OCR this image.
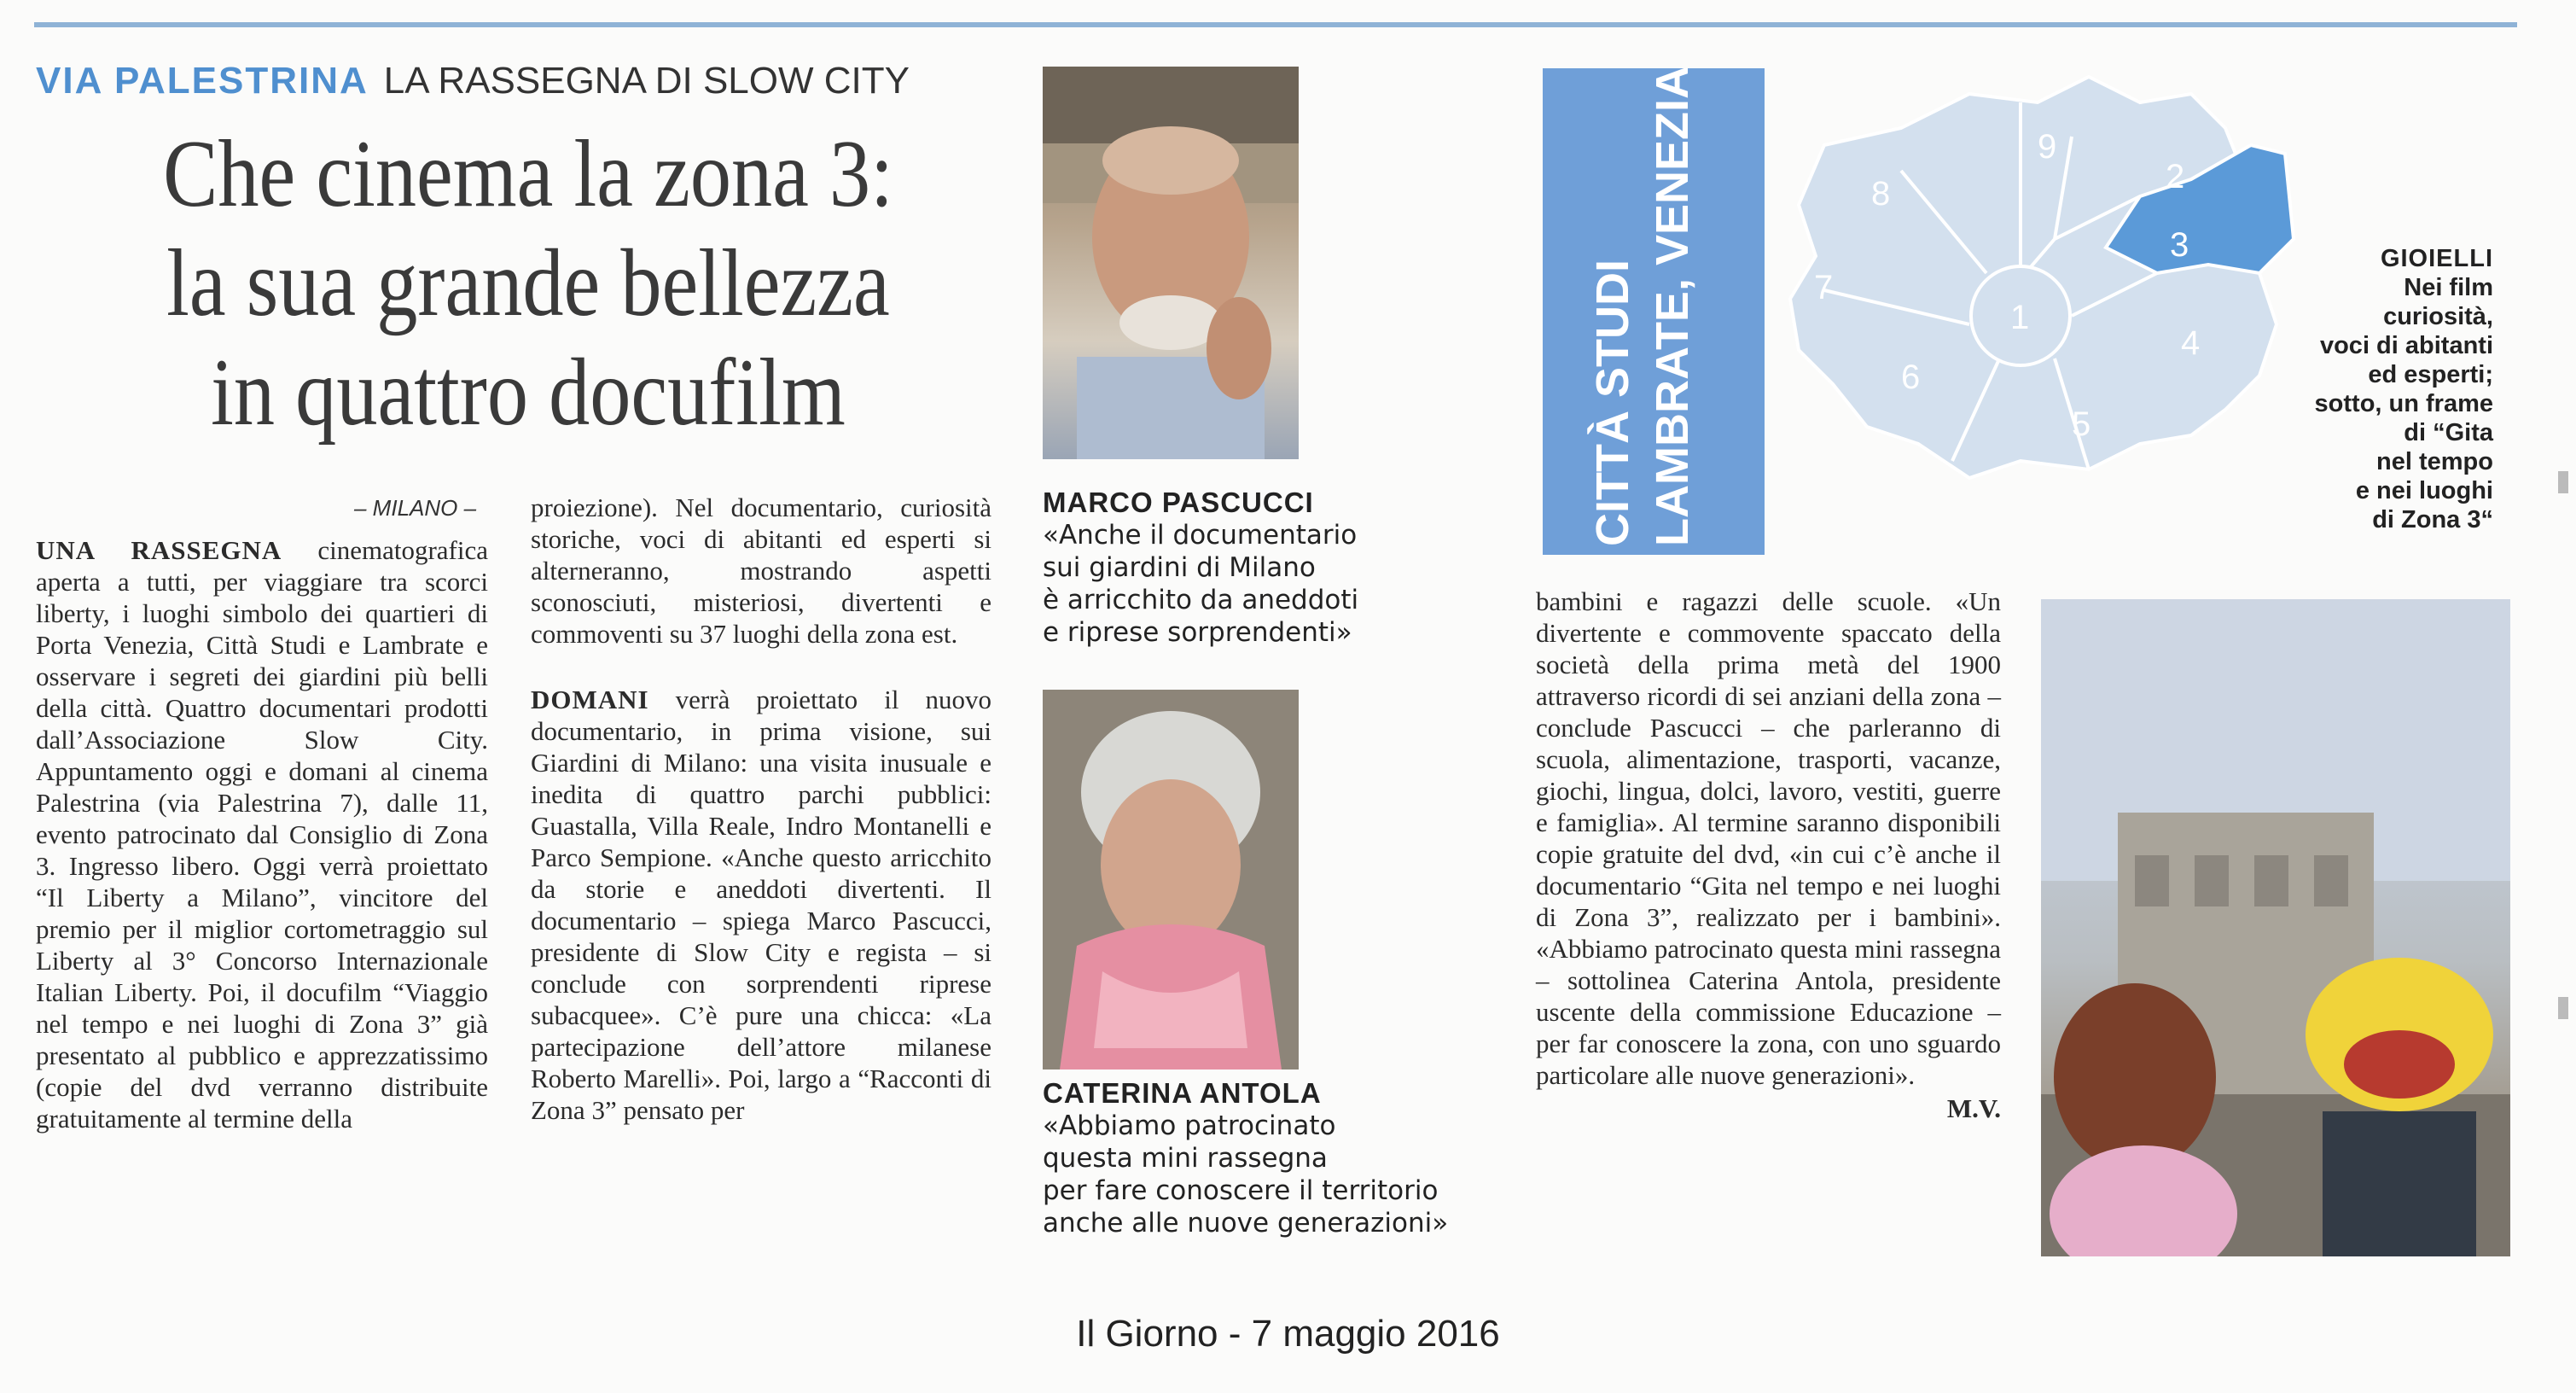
VIA PALESTRINA LA RASSEGNA DI SLOW CITY
Che cinema la zona 3:
la sua grande bellezza
in quattro docufilm
– MILANO –

UNA RASSEGNA cinematografica aperta a tutti, per viaggiare tra scorci liberty, i luoghi simbolo dei quartieri di Porta Venezia, Città Studi e Lambrate e osservare i segreti dei giardini più belli della città. Quattro documentari prodotti dall’Associazione Slow City. Appuntamento oggi e domani al cinema Palestrina (via Palestrina 7), dalle 11, evento patrocinato dal Consiglio di Zona 3. Ingresso libero. Oggi verrà proiettato “Il Liberty a Milano”, vincitore del premio per il miglior cortometraggio sul Liberty al 3° Concorso Internazionale Italian Liberty. Poi, il docufilm “Viaggio nel tempo e nei luoghi di Zona 3” già presentato al pubblico e apprezzatissimo (copie del dvd verranno distribuite gratuitamente al termine della

proiezione). Nel documentario, curiosità storiche, voci di abitanti ed esperti si alterneranno, mostrando aspetti sconosciuti, misteriosi, divertenti e commoventi su 37 luoghi della zona est.

DOMANI verrà proiettato il nuovo documentario, in prima visione, sui Giardini di Milano: una visita inusuale e inedita di quattro parchi pubblici: Guastalla, Villa Reale, Indro Montanelli e Parco Sempione. «Anche questo arricchito da storie e aneddoti divertenti. Il documentario – spiega Marco Pascucci, presidente di Slow City e regista – si conclude con sorprendenti riprese subacquee». C’è pure una chicca: «La partecipazione dell’attore milanese Roberto Marelli». Poi, largo a “Racconti di Zona 3” pensato per

MARCO PASCUCCI
«Anche il documentario
sui giardini di Milano
è arricchito da aneddoti
e riprese sorprendenti»
CATERINA ANTOLA
«Abbiamo patrocinato
questa mini rassegna
per fare conoscere il territorio
anche alle nuove generazioni»
CITTÀ STUDI LAMBRATE, VENEZIA	1
2
3
4
5
6
7
8
9
GIOIELLI
Nei film
curiosità,
voci di abitanti
ed esperti;
sotto, un frame
di “Gita
nel tempo
e nei luoghi
di Zona 3“

bambini e ragazzi delle scuole. «Un divertente e commovente spaccato della società della prima metà del 1900 attraverso ricordi di sei anziani della zona – conclude Pascucci – che parleranno di scuola, alimentazione, trasporti, vacanze, giochi, lingua, dolci, lavoro, vestiti, guerre e famiglia». Al termine saranno disponibili copie gratuite del dvd, «in cui c’è anche il documentario “Gita nel tempo e nei luoghi di Zona 3”, realizzato per i bambini». «Abbiamo patrocinato questa mini rassegna – sottolinea Caterina Antola, presidente uscente della commissione Educazione – per far conoscere la zona, con uno sguardo particolare alle nuove generazioni».

M.V.
Il Giorno - 7 maggio 2016
